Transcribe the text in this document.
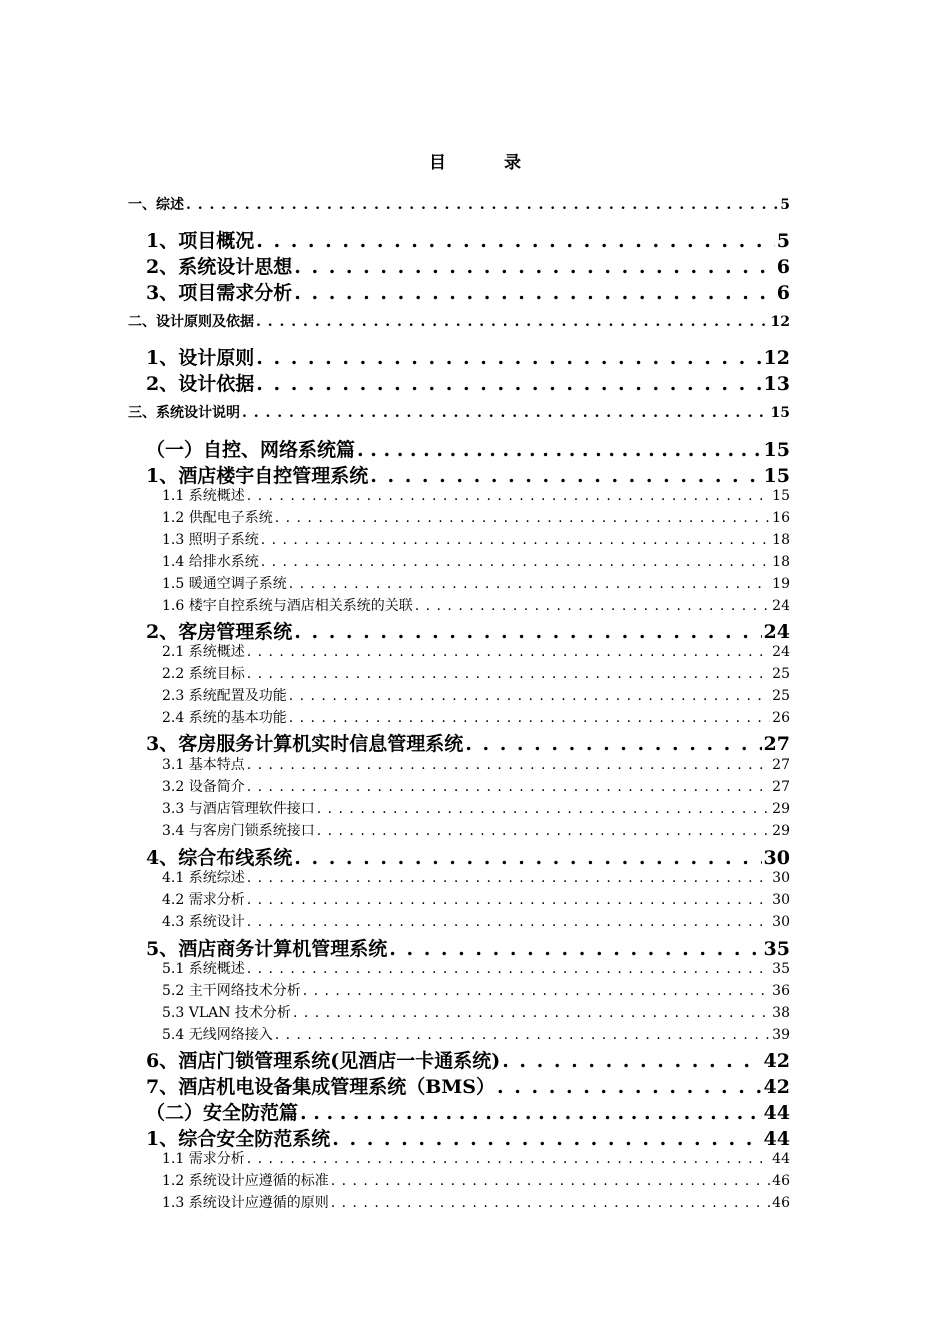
目 录
一、综述 . . .	5
1、项目概况 . . .	5
2、系统设计思想 . . .	6
3、项目需求分析 . . .	6
二、设计原则及依据 . . .	12
1、设计原则 . . .	12
2、设计依据 . . .	13
三、系统设计说明 . . .	15
（一）自控、网络系统篇 . . .	15
1、酒店楼宇自控管理系统 . . .	15
1.1 系统概述 . . .	15
1.2 供配电子系统 . . .	16
1.3 照明子系统 . . .	18
1.4 给排水系统 . . .	18
1.5 暖通空调子系统 . . .	19
1.6 楼宇自控系统与酒店相关系统的关联 . . .	24
2、客房管理系统 . . .	24
2.1 系统概述 . . .	24
2.2 系统目标 . . .	25
2.3 系统配置及功能 . . .	25
2.4 系统的基本功能 . . .	26
3、客房服务计算机实时信息管理系统 . . .	27
3.1 基本特点 . . .	27
3.2 设备简介 . . .	27
3.3 与酒店管理软件接口 . . .	29
3.4 与客房门锁系统接口 . . .	29
4、综合布线系统 . . .	30
4.1 系统综述 . . .	30
4.2 需求分析 . . .	30
4.3 系统设计 . . .	30
5、酒店商务计算机管理系统 . . .	35
5.1 系统概述 . . .	35
5.2 主干网络技术分析 . . .	36
5.3 VLAN 技术分析 . . .	38
5.4 无线网络接入 . . .	39
6、酒店门锁管理系统(见酒店一卡通系统) . . .	42
7、酒店机电设备集成管理系统（BMS） . . .	42
（二）安全防范篇 . . .	44
1、综合安全防范系统 . . .	44
1.1 需求分析 . . .	44
1.2 系统设计应遵循的标准 . . .	46
1.3 系统设计应遵循的原则 . . .	46
